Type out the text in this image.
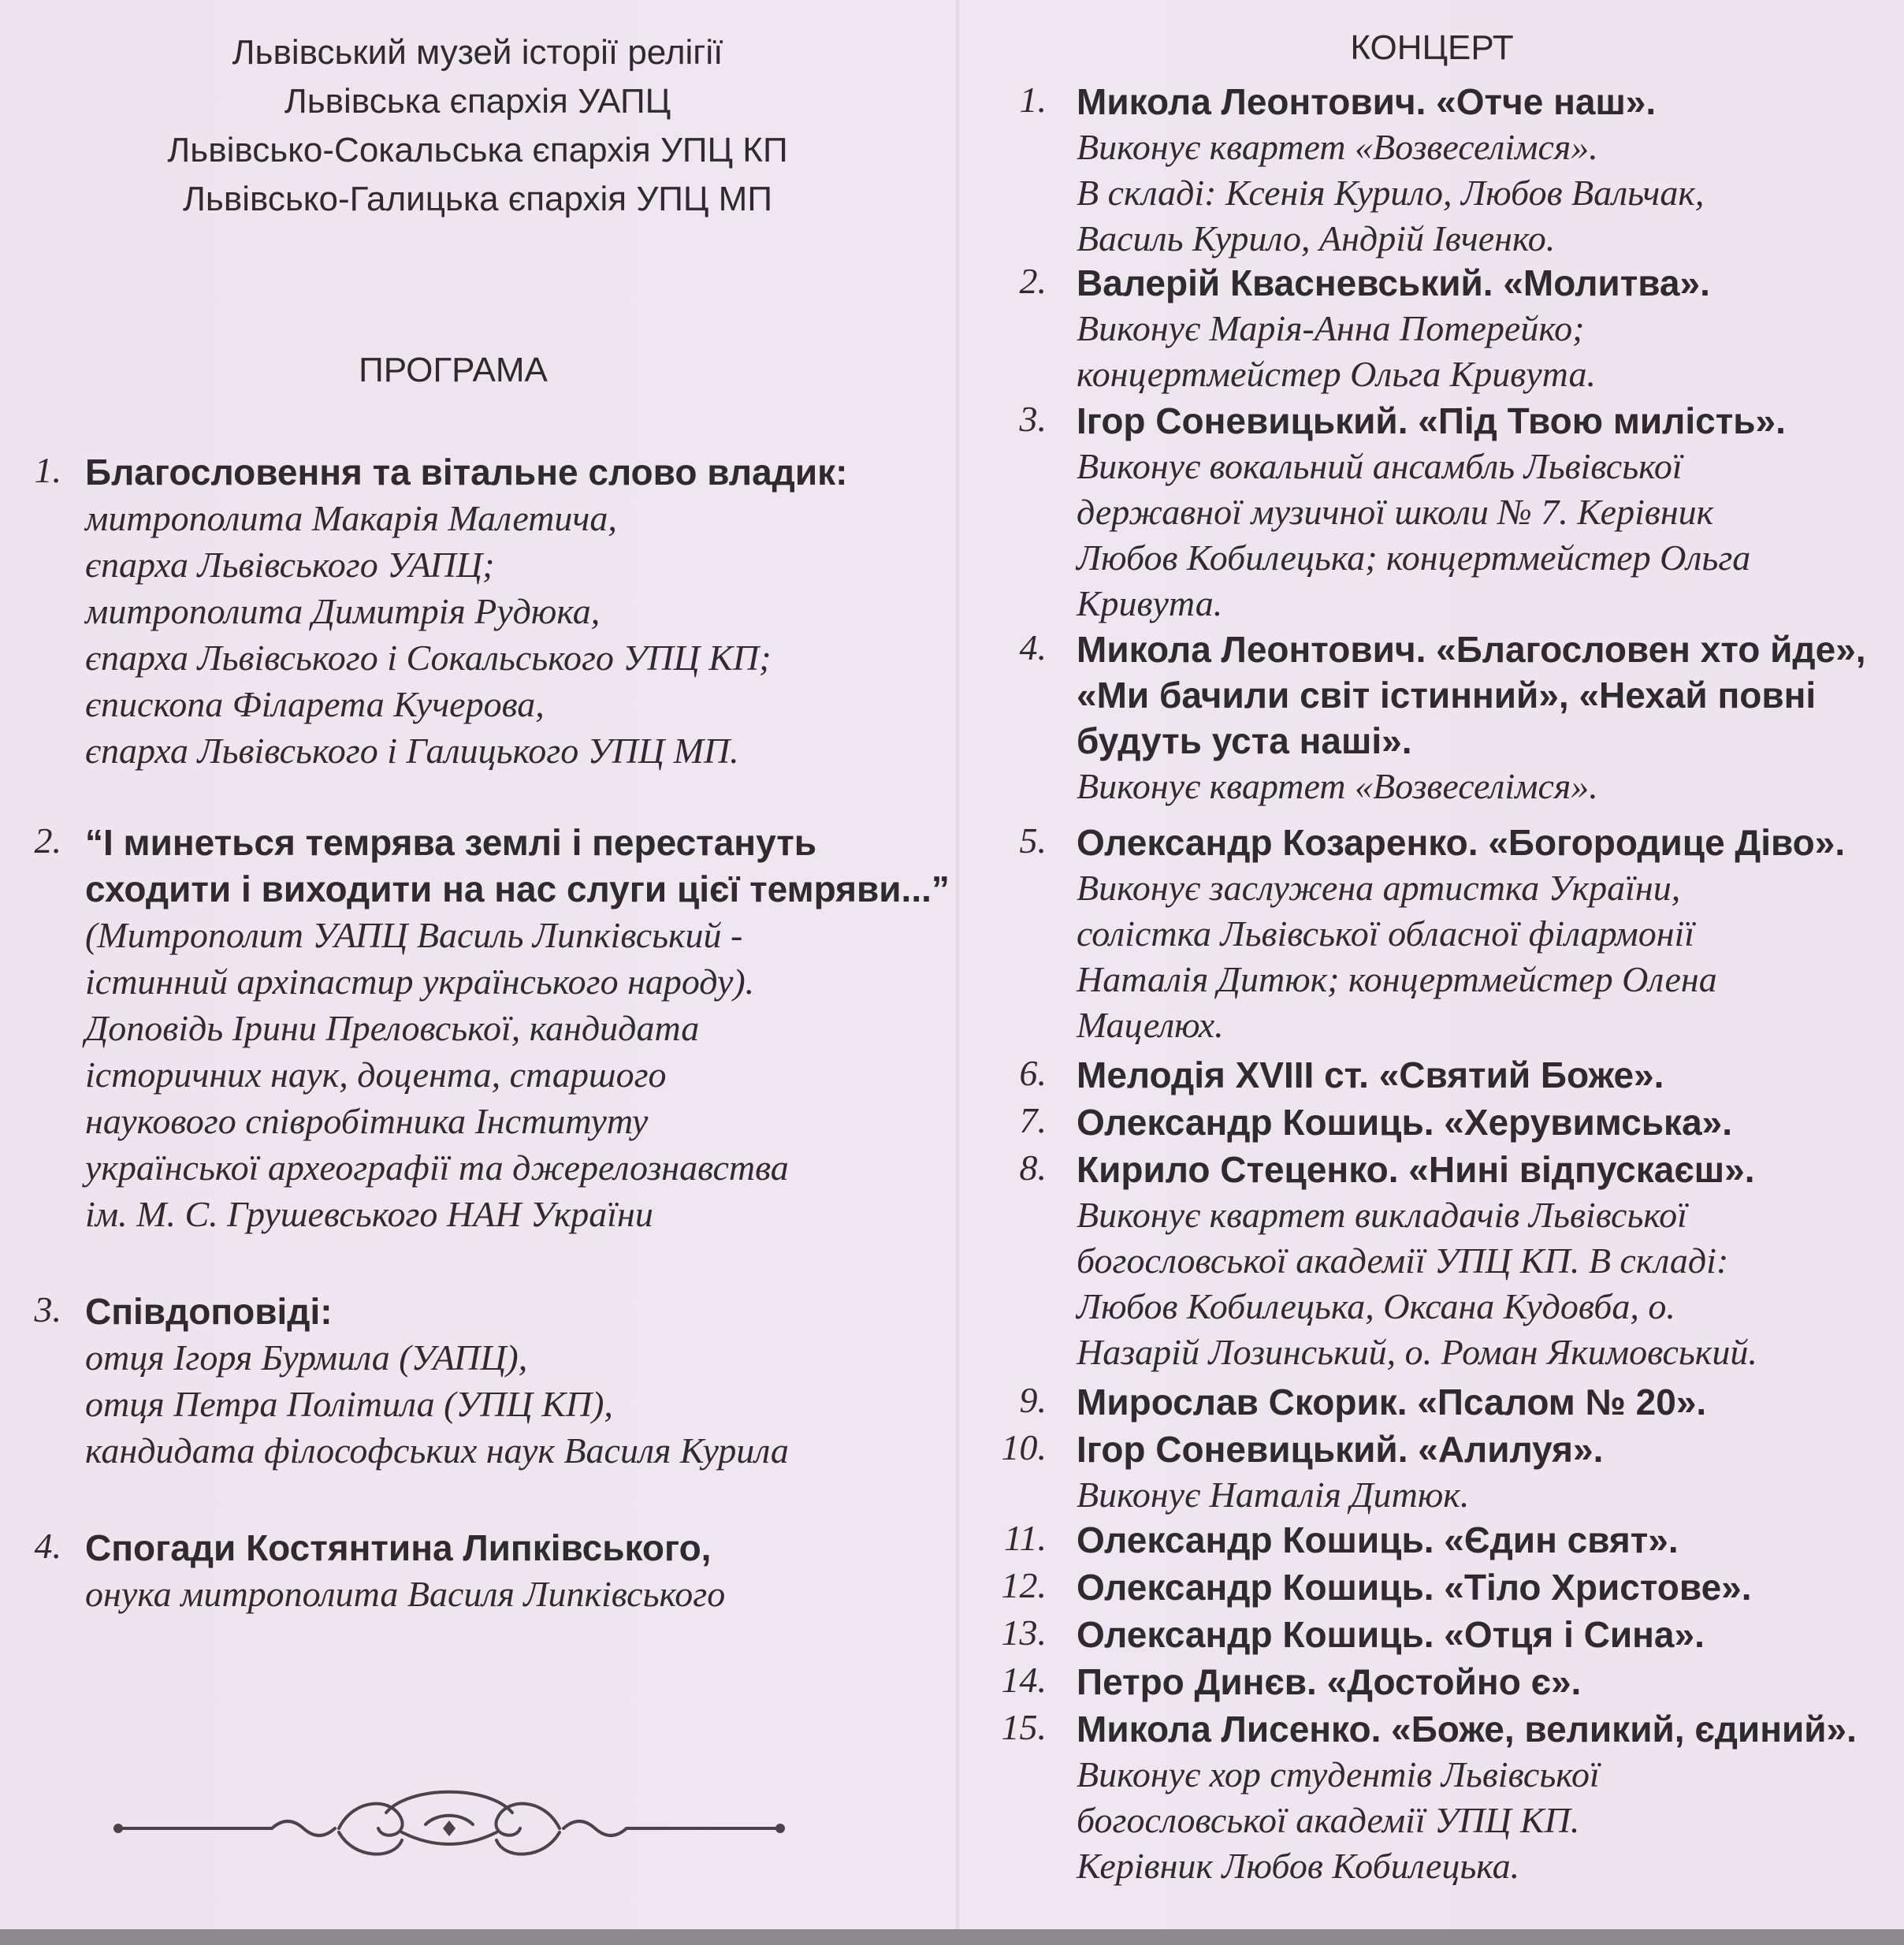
Львівський музей історії релігії
Львівська єпархія УАПЦ
Львівсько-Сокальська єпархія УПЦ КП
Львівсько-Галицька єпархія УПЦ МП
ПРОГРАМА
1. Благословення та вітальне слово владик:
митрополита Макарія Малетича,
єпарха Львівського УАПЦ;
митрополита Димитрія Рудюка,
єпарха Львівського і Сокальського УПЦ КП;
єпископа Філарета Кучерова,
єпарха Львівського і Галицького УПЦ МП.
2. “І минеться темрява землі і перестануть
сходити і виходити на нас слуги цієї темряви...”
(Митрополит УАПЦ Василь Липківський -
істинний архіпастир українського народу).
Доповідь Ірини Преловської, кандидата
історичних наук, доцента, старшого
наукового співробітника Інституту
української археографії та джерелознавства
ім. М. С. Грушевського НАН України
3. Співдоповіді:
отця Ігоря Бурмила (УАПЦ),
отця Петра Політила (УПЦ КП),
кандидата філософських наук Василя Курила
4. Спогади Костянтина Липківського,
онука митрополита Василя Липківського
КОНЦЕРТ
1. Микола Леонтович. «Отче наш».
Виконує квартет «Возвеселімся».
В складі: Ксенія Курило, Любов Вальчак,
Василь Курило, Андрій Івченко.
2. Валерій Квасневський. «Молитва».
Виконує Марія-Анна Потерейко;
концертмейстер Ольга Кривута.
3. Ігор Соневицький. «Під Твою милість».
Виконує вокальний ансамбль Львівської
державної музичної школи № 7. Керівник
Любов Кобилецька; концертмейстер Ольга
Кривута.
4. Микола Леонтович. «Благословен хто йде»,
«Ми бачили світ істинний», «Нехай повні
будуть уста наші».
Виконує квартет «Возвеселімся».
5. Олександр Козаренко. «Богородице Діво».
Виконує заслужена артистка України,
солістка Львівської обласної філармонії
Наталія Дитюк; концертмейстер Олена
Мацелюх.
6. Мелодія XVIII ст. «Святий Боже».
7. Олександр Кошиць. «Херувимська».
8. Кирило Стеценко. «Нині відпускаєш».
Виконує квартет викладачів Львівської
богословської академії УПЦ КП. В складі:
Любов Кобилецька, Оксана Кудовба, о.
Назарій Лозинський, о. Роман Якимовський.
9. Мирослав Скорик. «Псалом № 20».
10. Ігор Соневицький. «Алилуя».
Виконує Наталія Дитюк.
11. Олександр Кошиць. «Єдин свят».
12. Олександр Кошиць. «Тіло Христове».
13. Олександр Кошиць. «Отця і Сина».
14. Петро Динєв. «Достойно є».
15. Микола Лисенко. «Боже, великий, єдиний».
Виконує хор студентів Львівської
богословської академії УПЦ КП.
Керівник Любов Кобилецька.
